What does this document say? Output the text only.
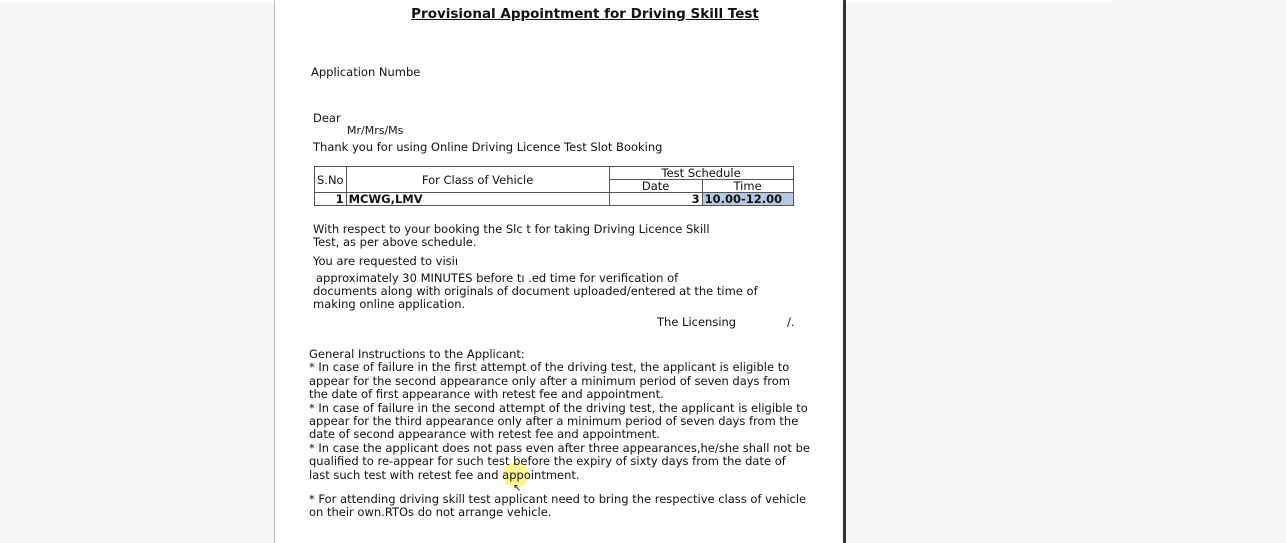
Provisional Appointment for Driving Skill Test
Application Numbе
Dear
Mr/Mrs/Ms
Thank you for using Online Driving Licence Test Slot Booking
S.No	For Class of Vehicle	Test Schedule	
		Date	Time
1	MCWG,LMV	3	10.00-12.00
With respect to your booking the Slс t for taking Driving Licence Skill
Test, as per above schedule.
You are requested to visiı
approximately 30 MINUTES before tı .ed time for verification of
documents along with originals of document uploaded/entered at the time of
making online application.
The Licensing	/.
General Instructions to the Applicant:
* In case of failure in the first attempt of the driving test, the applicant is eligible to
appear for the second appearance only after a minimum period of seven days from
the date of first appearance with retest fee and appointment.
* In case of failure in the second attempt of the driving test, the applicant is eligible to
appear for the third appearance only after a minimum period of seven days from the
date of second appearance with retest fee and appointment.
* In case the applicant does not pass even after three appearances,he/she shall not be
qualified to re-appear for such test before the expiry of sixty days from the date of
last such test with retest fee and appointment.
* For attending driving skill test applicant need to bring the respective class of vehicle
on their own.RTOs do not arrange vehicle.
↖
